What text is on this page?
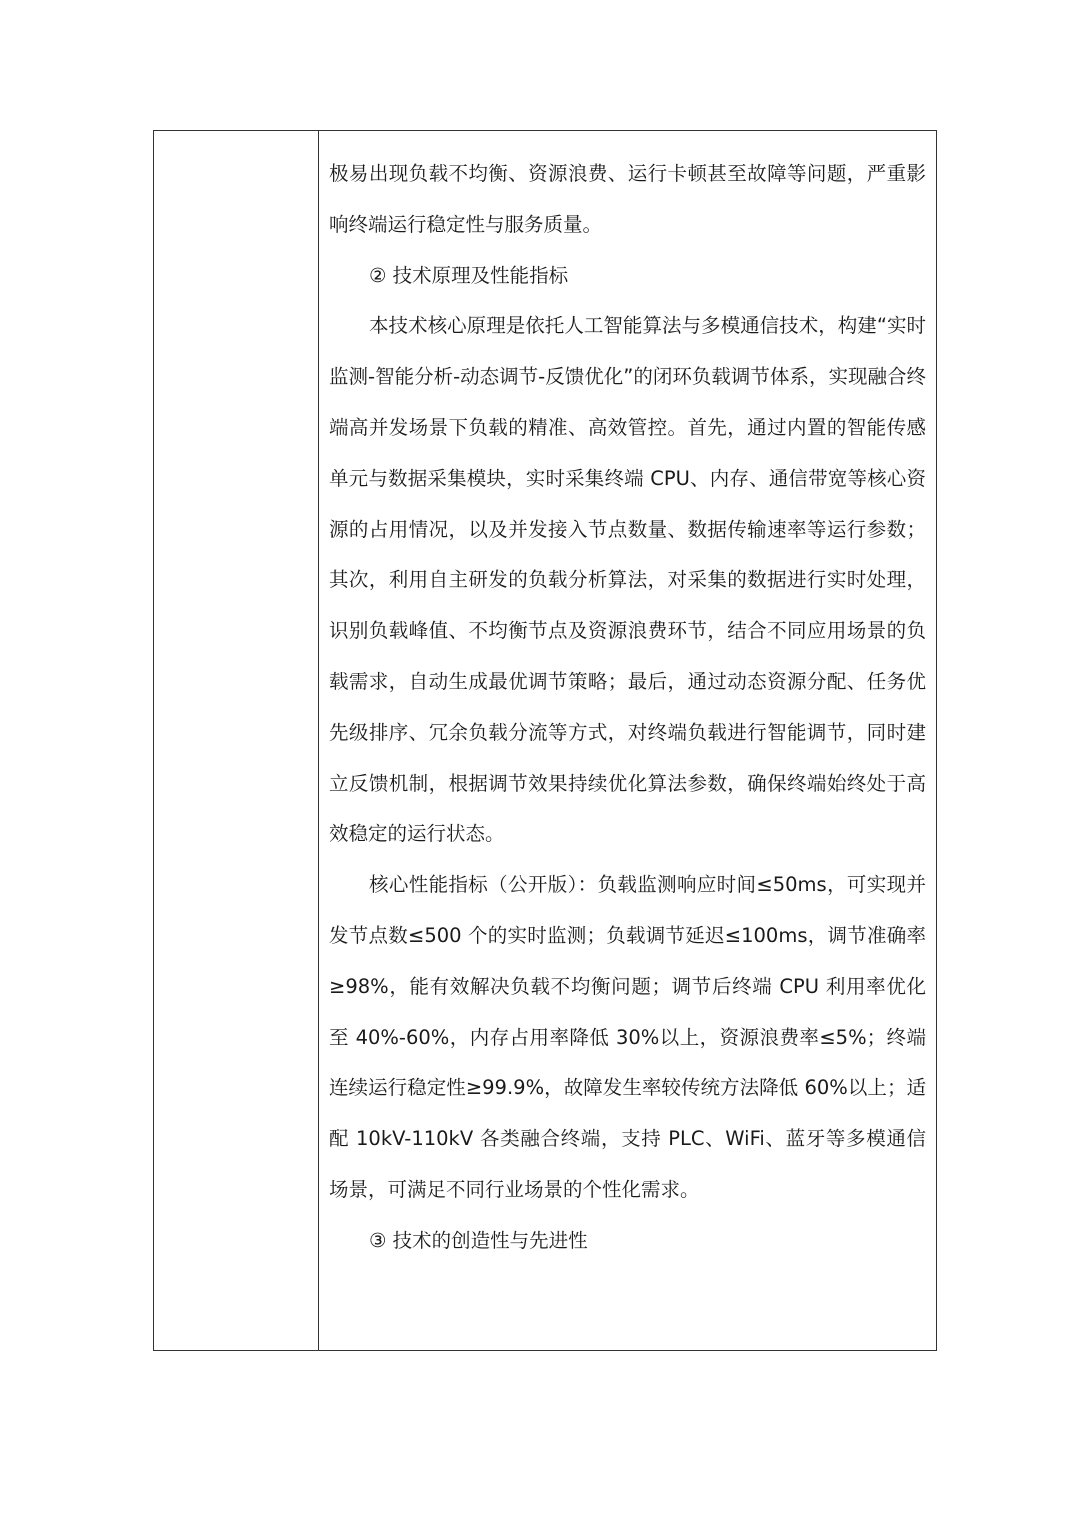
极易出现负载不均衡、资源浪费、运行卡顿甚至故障等问题，严重影响终端运行稳定性与服务质量。

② 技术原理及性能指标

本技术核心原理是依托人工智能算法与多模通信技术，构建“实时监测-智能分析-动态调节-反馈优化”的闭环负载调节体系，实现融合终端高并发场景下负载的精准、高效管控。首先，通过内置的智能传感单元与数据采集模块，实时采集终端 CPU、内存、通信带宽等核心资源的占用情况，以及并发接入节点数量、数据传输速率等运行参数；其次，利用自主研发的负载分析算法，对采集的数据进行实时处理，识别负载峰值、不均衡节点及资源浪费环节，结合不同应用场景的负载需求，自动生成最优调节策略；最后，通过动态资源分配、任务优先级排序、冗余负载分流等方式，对终端负载进行智能调节，同时建立反馈机制，根据调节效果持续优化算法参数，确保终端始终处于高效稳定的运行状态。

核心性能指标（公开版）：负载监测响应时间≤50ms，可实现并发节点数≤500 个的实时监测；负载调节延迟≤100ms，调节准确率≥98%，能有效解决负载不均衡问题；调节后终端 CPU 利用率优化至 40%-60%，内存占用率降低 30%以上，资源浪费率≤5%；终端连续运行稳定性≥99.9%，故障发生率较传统方法降低 60%以上；适配 10kV-110kV 各类融合终端，支持 PLC、WiFi、蓝牙等多模通信场景，可满足不同行业场景的个性化需求。

③ 技术的创造性与先进性
